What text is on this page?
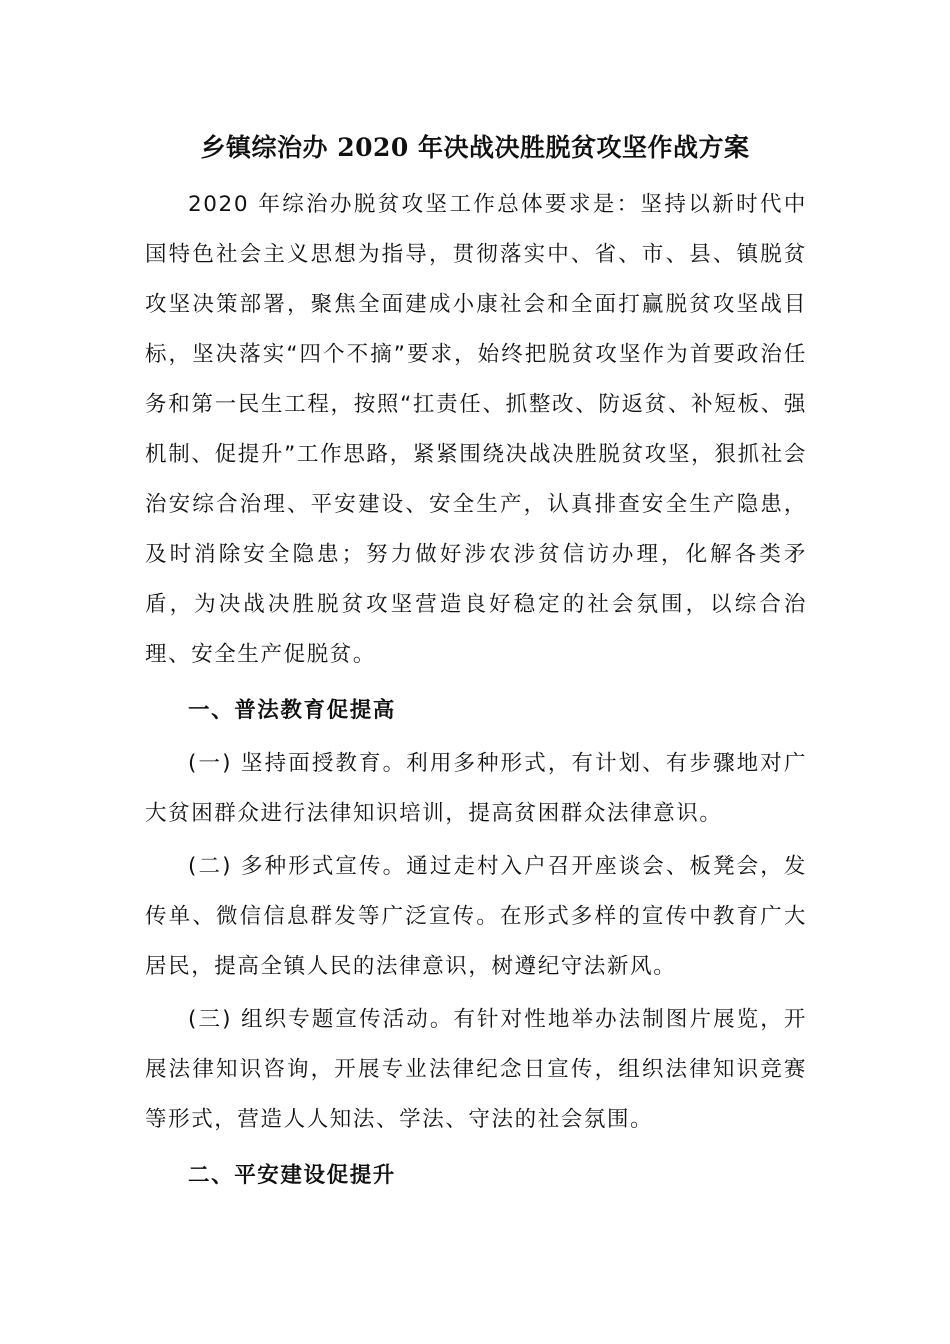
乡镇综治办 2020 年决战决胜脱贫攻坚作战方案

2020 年综治办脱贫攻坚工作总体要求是：坚持以新时代中国特色社会主义思想为指导，贯彻落实中、省、市、县、镇脱贫攻坚决策部署，聚焦全面建成小康社会和全面打赢脱贫攻坚战目标，坚决落实“四个不摘”要求，始终把脱贫攻坚作为首要政治任务和第一民生工程，按照“扛责任、抓整改、防返贫、补短板、强机制、促提升”工作思路，紧紧围绕决战决胜脱贫攻坚，狠抓社会治安综合治理、平安建设、安全生产，认真排查安全生产隐患，及时消除安全隐患；努力做好涉农涉贫信访办理，化解各类矛盾，为决战决胜脱贫攻坚营造良好稳定的社会氛围，以综合治理、安全生产促脱贫。

一、普法教育促提高

(一) 坚持面授教育。利用多种形式，有计划、有步骤地对广大贫困群众进行法律知识培训，提高贫困群众法律意识。

(二) 多种形式宣传。通过走村入户召开座谈会、板凳会，发传单、微信信息群发等广泛宣传。在形式多样的宣传中教育广大居民，提高全镇人民的法律意识，树遵纪守法新风。

(三) 组织专题宣传活动。有针对性地举办法制图片展览，开展法律知识咨询，开展专业法律纪念日宣传，组织法律知识竞赛等形式，营造人人知法、学法、守法的社会氛围。

二、平安建设促提升
